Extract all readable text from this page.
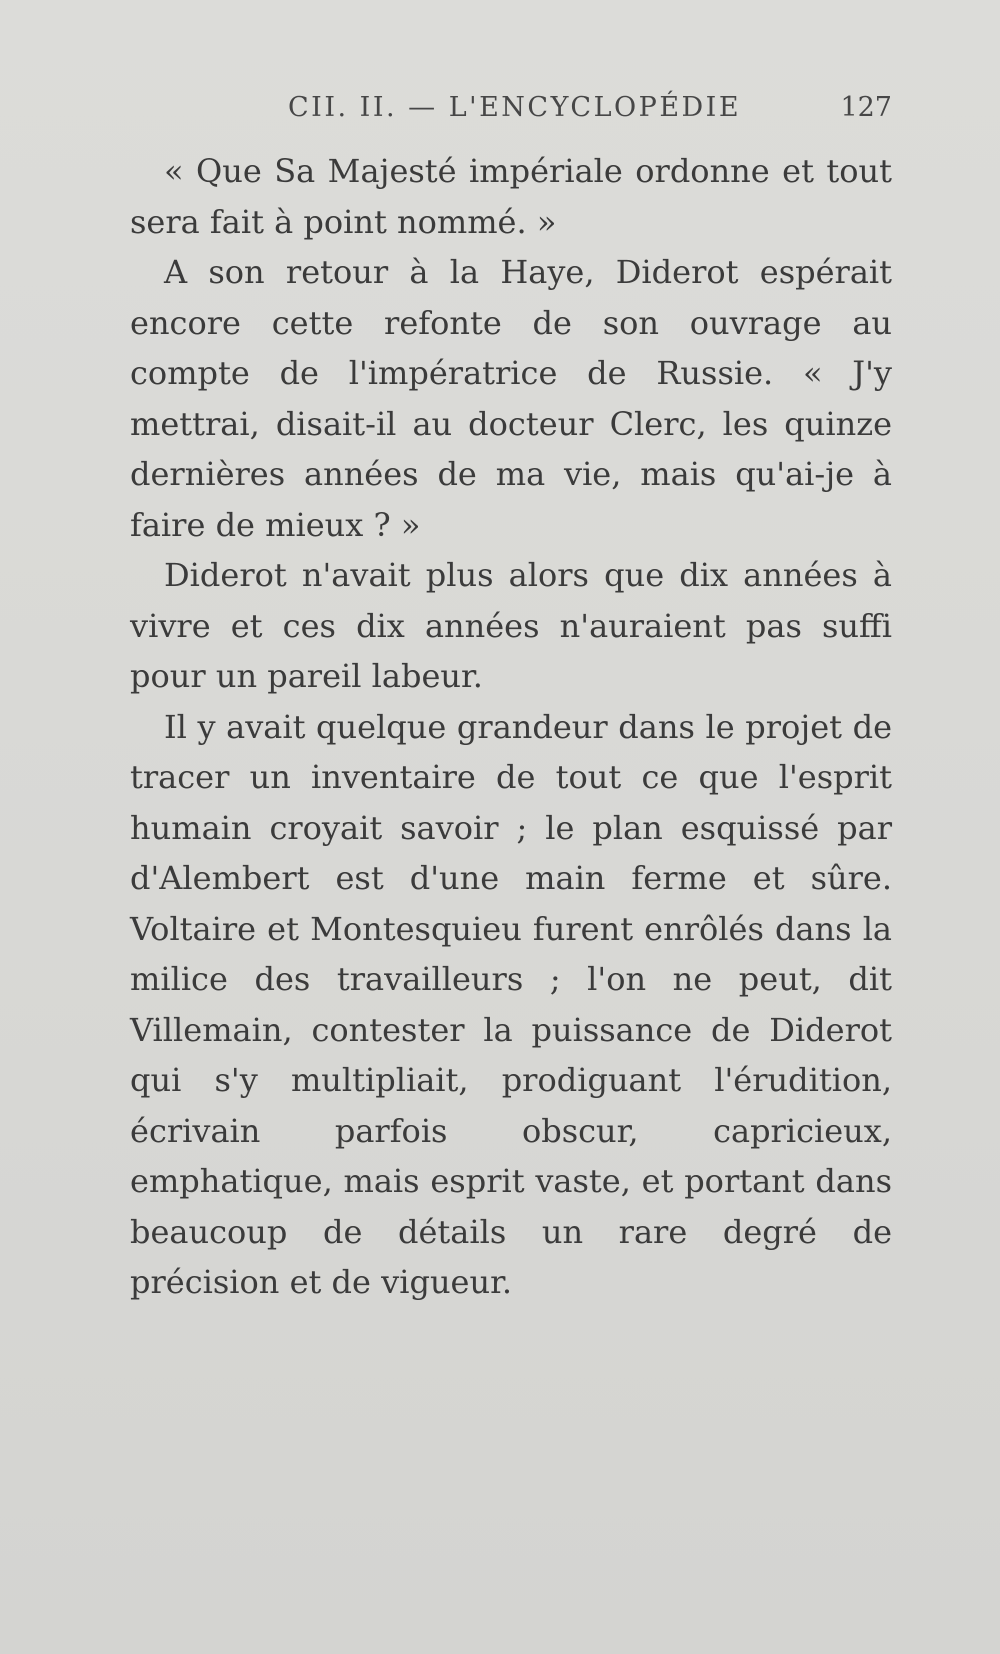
CII. II. — L'ENCYCLOPÉDIE	127

« Que Sa Majesté impériale ordonne et tout sera fait à point nommé. »

A son retour à la Haye, Diderot espérait encore cette refonte de son ouvrage au compte de l'impératrice de Russie. « J'y mettrai, disait-il au docteur Clerc, les quinze dernières années de ma vie, mais qu'ai-je à faire de mieux ? »

Diderot n'avait plus alors que dix années à vivre et ces dix années n'auraient pas suffi pour un pareil labeur.

Il y avait quelque grandeur dans le projet de tracer un inventaire de tout ce que l'esprit humain croyait savoir ; le plan esquissé par d'Alembert est d'une main ferme et sûre. Voltaire et Montesquieu furent enrôlés dans la milice des travailleurs ; l'on ne peut, dit Villemain, contester la puissance de Diderot qui s'y multipliait, prodiguant l'érudition, écrivain parfois obscur, capricieux, emphatique, mais esprit vaste, et portant dans beaucoup de détails un rare degré de précision et de vigueur.
